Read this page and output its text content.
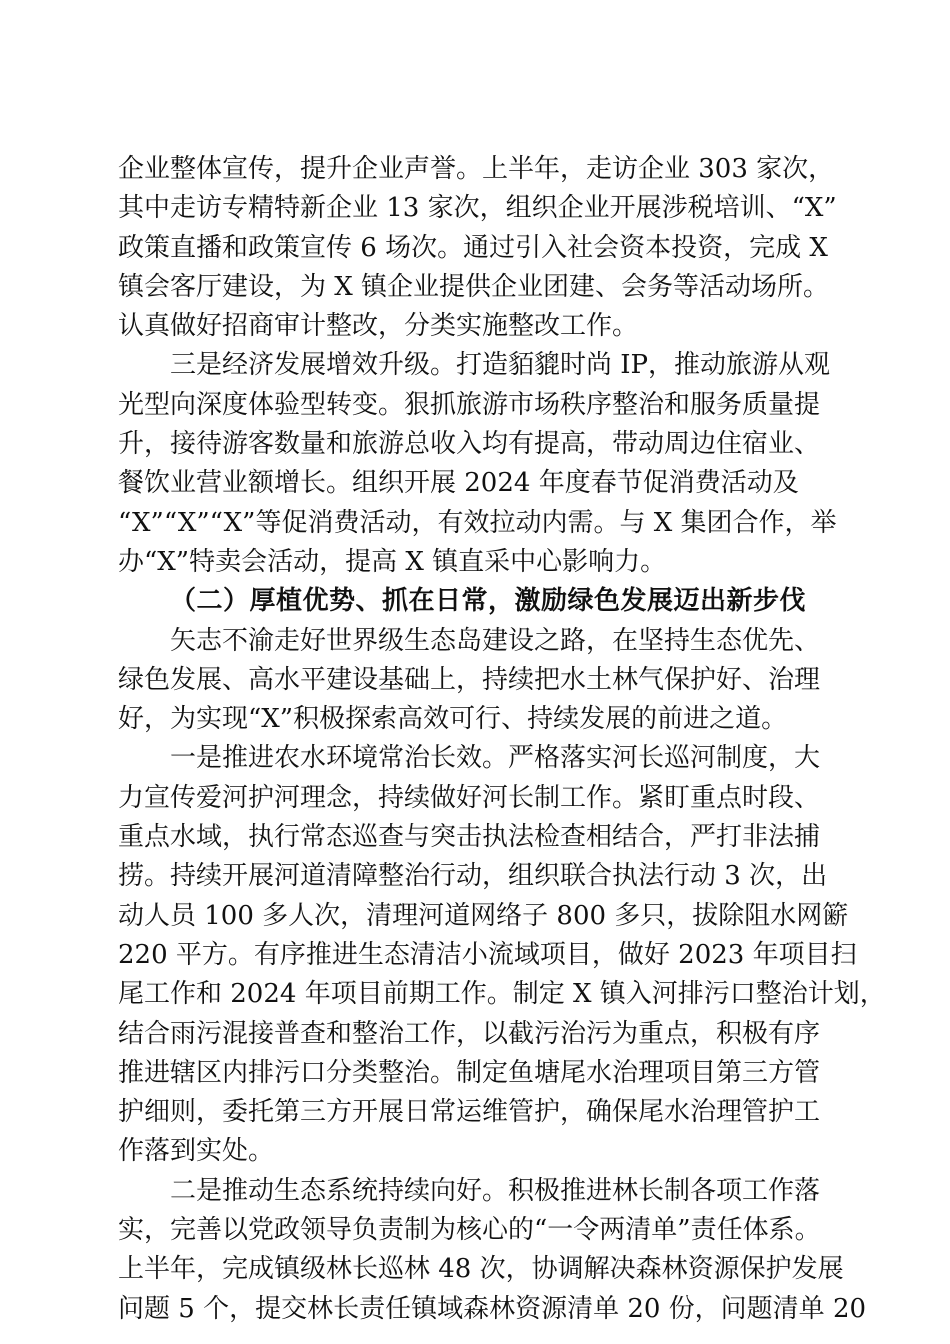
企业整体宣传，提升企业声誉。上半年，走访企业 303 家次，
其中走访专精特新企业 13 家次，组织企业开展涉税培训、“X”
政策直播和政策宣传 6 场次。通过引入社会资本投资，完成 X
镇会客厅建设，为 X 镇企业提供企业团建、会务等活动场所。
认真做好招商审计整改，分类实施整改工作。
三是经济发展增效升级。打造貊貔时尚 IP，推动旅游从观
光型向深度体验型转变。狠抓旅游市场秩序整治和服务质量提
升，接待游客数量和旅游总收入均有提高，带动周边住宿业、
餐饮业营业额增长。组织开展 2024 年度春节促消费活动及
“X”“X”“X”等促消费活动，有效拉动内需。与 X 集团合作，举
办“X”特卖会活动，提高 X 镇直采中心影响力。
（二）厚植优势、抓在日常，激励绿色发展迈出新步伐
矢志不渝走好世界级生态岛建设之路，在坚持生态优先、
绿色发展、高水平建设基础上，持续把水土林气保护好、治理
好，为实现“X”积极探索高效可行、持续发展的前进之道。
一是推进农水环境常治长效。严格落实河长巡河制度，大
力宣传爱河护河理念，持续做好河长制工作。紧盯重点时段、
重点水域，执行常态巡查与突击执法检查相结合，严打非法捕
捞。持续开展河道清障整治行动，组织联合执法行动 3 次，出
动人员 100 多人次，清理河道网络子 800 多只，拔除阻水网簖
220 平方。有序推进生态清洁小流域项目，做好 2023 年项目扫
尾工作和 2024 年项目前期工作。制定 X 镇入河排污口整治计划，
结合雨污混接普查和整治工作，以截污治污为重点，积极有序
推进辖区内排污口分类整治。制定鱼塘尾水治理项目第三方管
护细则，委托第三方开展日常运维管护，确保尾水治理管护工
作落到实处。
二是推动生态系统持续向好。积极推进林长制各项工作落
实，完善以党政领导负责制为核心的“一令两清单”责任体系。
上半年，完成镇级林长巡林 48 次，协调解决森林资源保护发展
问题 5 个，提交林长责任镇域森林资源清单 20 份，问题清单 20
